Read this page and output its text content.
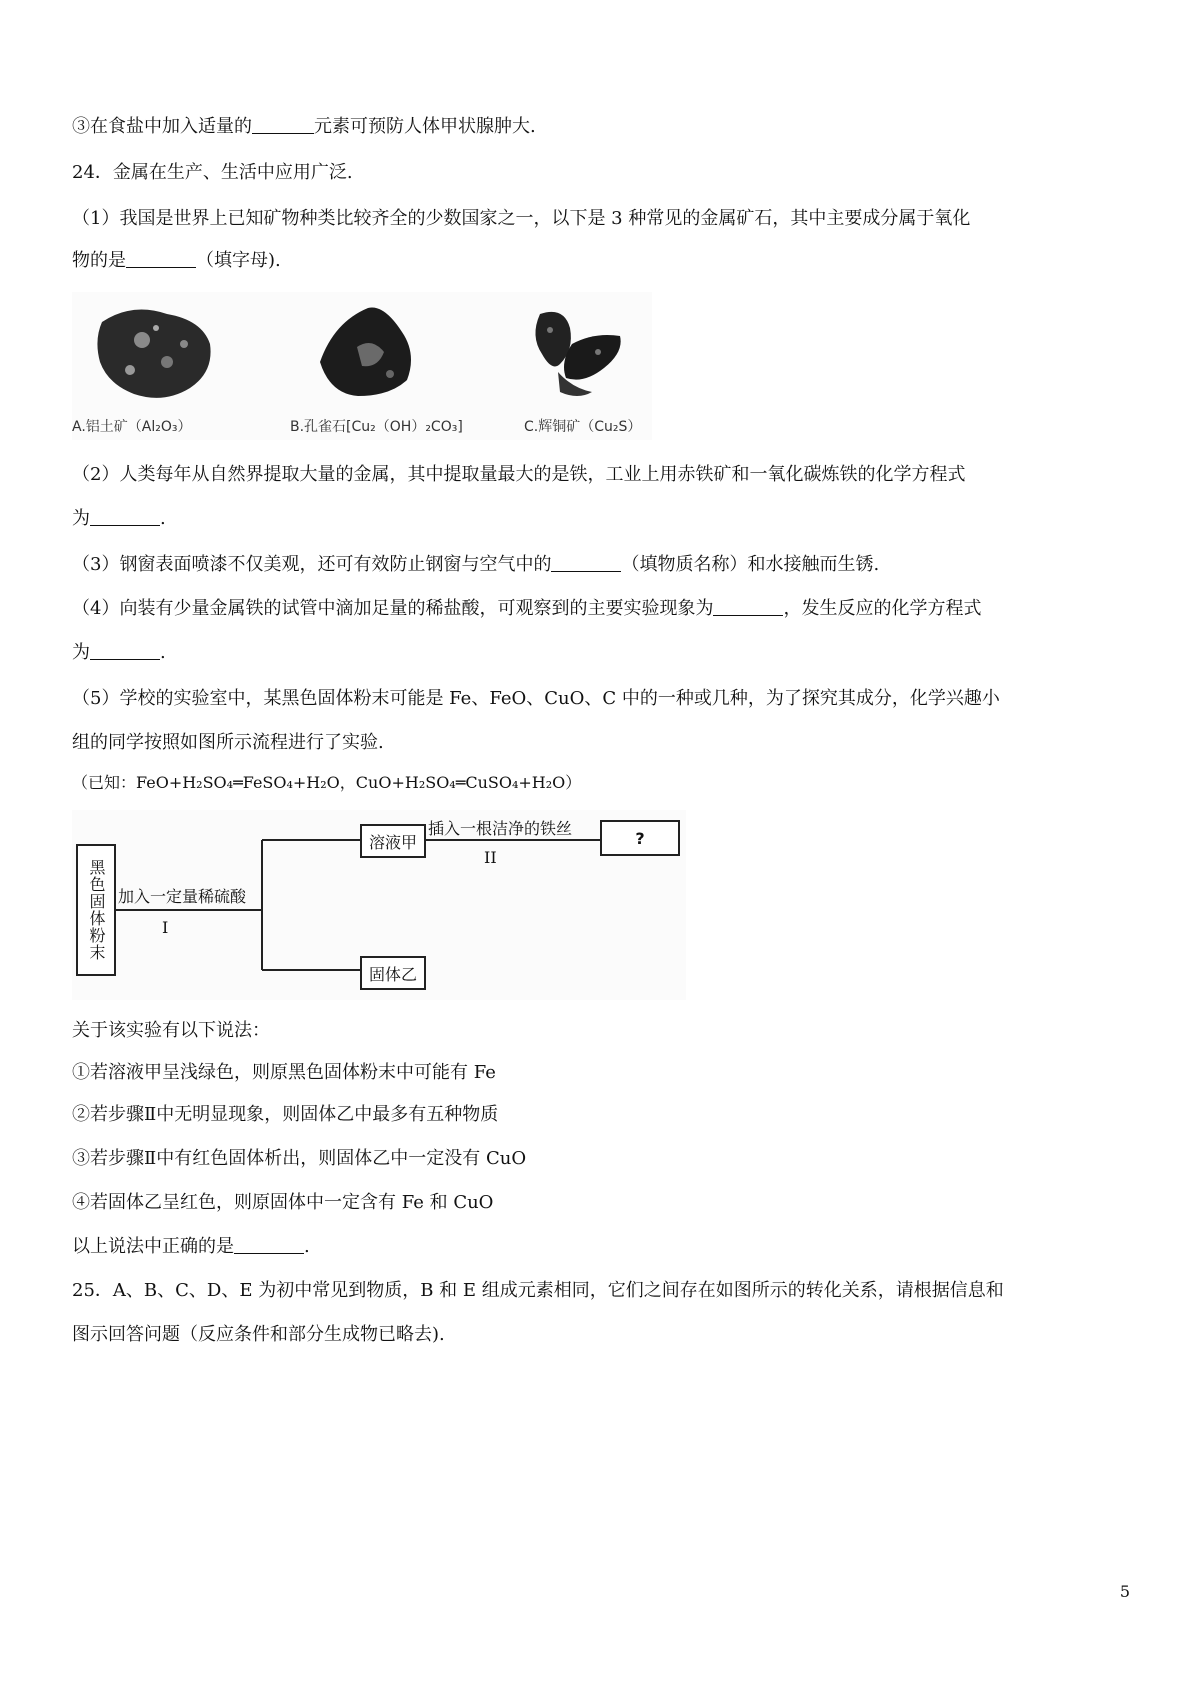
③在食盐中加入适量的	元素可预防人体甲状腺肿大.
24．金属在生产、生活中应用广泛.
（1）我国是世界上已知矿物种类比较齐全的少数国家之一，以下是 3 种常见的金属矿石，其中主要成分属于氧化
物的是	（填字母).
A.铝土矿（Al₂O₃）	B.孔雀石[Cu₂（OH）₂CO₃]	C.辉铜矿（Cu₂S）
（2）人类每年从自然界提取大量的金属，其中提取量最大的是铁，工业上用赤铁矿和一氧化碳炼铁的化学方程式
为	.
（3）钢窗表面喷漆不仅美观，还可有效防止钢窗与空气中的	（填物质名称）和水接触而生锈.
（4）向装有少量金属铁的试管中滴加足量的稀盐酸，可观察到的主要实验现象为	，发生反应的化学方程式
为	.
（5）学校的实验室中，某黑色固体粉末可能是 Fe、FeO、CuO、C 中的一种或几种，为了探究其成分，化学兴趣小
组的同学按照如图所示流程进行了实验.
（已知：FeO+H₂SO₄═FeSO₄+H₂O，CuO+H₂SO₄═CuSO₄+H₂O）
黑色固体粉末 加入一定量稀硫酸
I
溶液甲
插入一根洁净的铁丝
II
?
固体乙
关于该实验有以下说法：
①若溶液甲呈浅绿色，则原黑色固体粉末中可能有 Fe
②若步骤Ⅱ中无明显现象，则固体乙中最多有五种物质
③若步骤Ⅱ中有红色固体析出，则固体乙中一定没有 CuO
④若固体乙呈红色，则原固体中一定含有 Fe 和 CuO
以上说法中正确的是	.
25．A、B、C、D、E 为初中常见到物质，B 和 E 组成元素相同，它们之间存在如图所示的转化关系，请根据信息和
图示回答问题（反应条件和部分生成物已略去).
5
